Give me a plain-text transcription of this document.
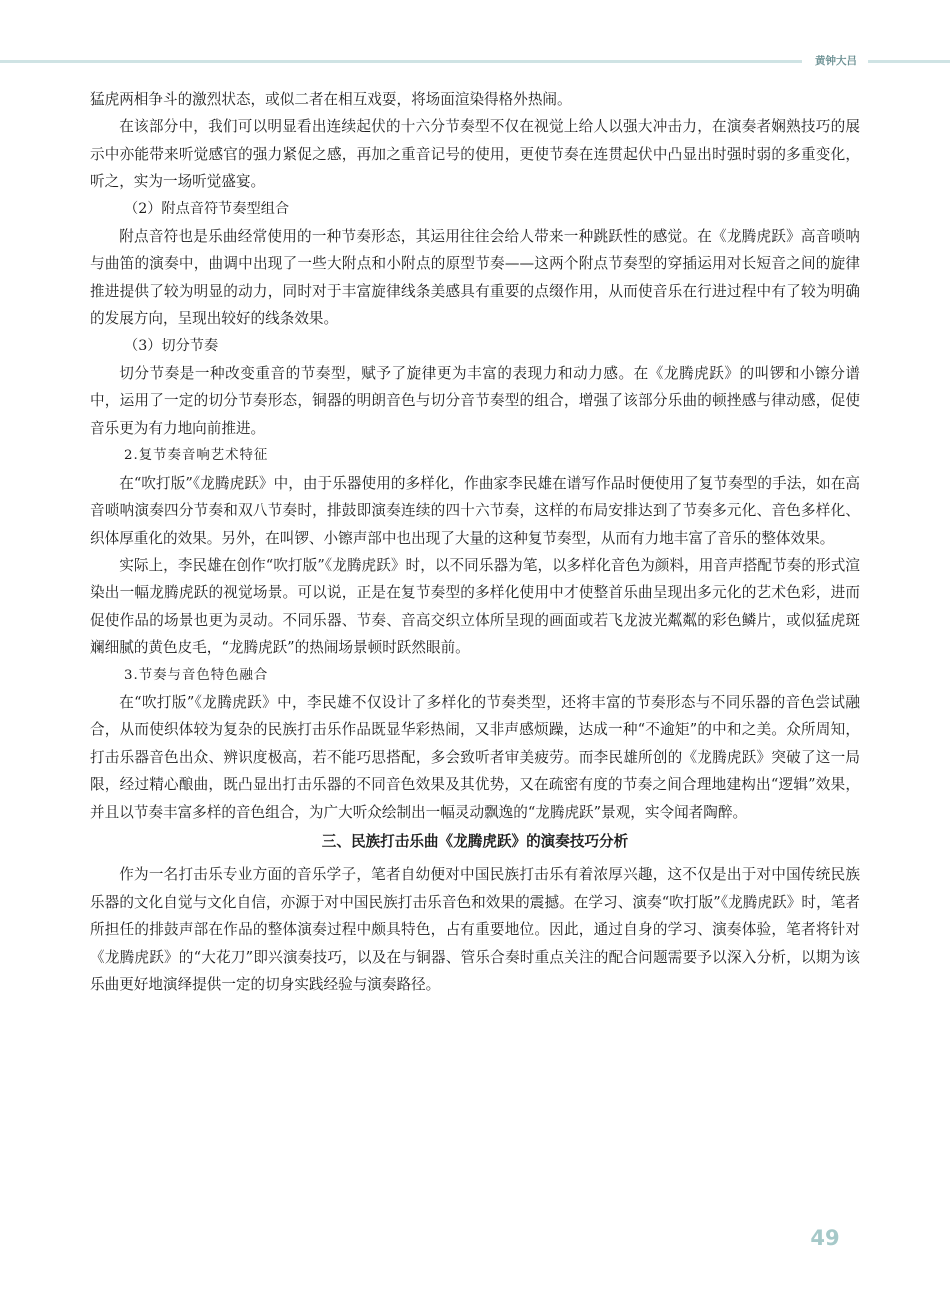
黄钟大吕

猛虎两相争斗的激烈状态，或似二者在相互戏耍，将场面渲染得格外热闹。

在该部分中，我们可以明显看出连续起伏的十六分节奏型不仅在视觉上给人以强大冲击力，在演奏者娴熟技巧的展示中亦能带来听觉感官的强力紧促之感，再加之重音记号的使用，更使节奏在连贯起伏中凸显出时强时弱的多重变化，听之，实为一场听觉盛宴。

（2）附点音符节奏型组合

附点音符也是乐曲经常使用的一种节奏形态，其运用往往会给人带来一种跳跃性的感觉。在《龙腾虎跃》高音唢呐与曲笛的演奏中，曲调中出现了一些大附点和小附点的原型节奏——这两个附点节奏型的穿插运用对长短音之间的旋律推进提供了较为明显的动力，同时对于丰富旋律线条美感具有重要的点缀作用，从而使音乐在行进过程中有了较为明确的发展方向，呈现出较好的线条效果。

（3）切分节奏

切分节奏是一种改变重音的节奏型，赋予了旋律更为丰富的表现力和动力感。在《龙腾虎跃》的叫锣和小镲分谱中，运用了一定的切分节奏形态，铜器的明朗音色与切分音节奏型的组合，增强了该部分乐曲的顿挫感与律动感，促使音乐更为有力地向前推进。

2.复节奏音响艺术特征

在“吹打版”《龙腾虎跃》中，由于乐器使用的多样化，作曲家李民雄在谱写作品时便使用了复节奏型的手法，如在高音唢呐演奏四分节奏和双八节奏时，排鼓即演奏连续的四十六节奏，这样的布局安排达到了节奏多元化、音色多样化、织体厚重化的效果。另外，在叫锣、小镲声部中也出现了大量的这种复节奏型，从而有力地丰富了音乐的整体效果。

实际上，李民雄在创作“吹打版”《龙腾虎跃》时，以不同乐器为笔，以多样化音色为颜料，用音声搭配节奏的形式渲染出一幅龙腾虎跃的视觉场景。可以说，正是在复节奏型的多样化使用中才使整首乐曲呈现出多元化的艺术色彩，进而促使作品的场景也更为灵动。不同乐器、节奏、音高交织立体所呈现的画面或若飞龙波光粼粼的彩色鳞片，或似猛虎斑斓细腻的黄色皮毛，“龙腾虎跃”的热闹场景顿时跃然眼前。

3.节奏与音色特色融合

在“吹打版”《龙腾虎跃》中，李民雄不仅设计了多样化的节奏类型，还将丰富的节奏形态与不同乐器的音色尝试融合，从而使织体较为复杂的民族打击乐作品既显华彩热闹，又非声感烦躁，达成一种“不逾矩”的中和之美。众所周知，打击乐器音色出众、辨识度极高，若不能巧思搭配，多会致听者审美疲劳。而李民雄所创的《龙腾虎跃》突破了这一局限，经过精心酿曲，既凸显出打击乐器的不同音色效果及其优势，又在疏密有度的节奏之间合理地建构出“逻辑”效果，并且以节奏丰富多样的音色组合，为广大听众绘制出一幅灵动飘逸的“龙腾虎跃”景观，实令闻者陶醉。

三、民族打击乐曲《龙腾虎跃》的演奏技巧分析

作为一名打击乐专业方面的音乐学子，笔者自幼便对中国民族打击乐有着浓厚兴趣，这不仅是出于对中国传统民族乐器的文化自觉与文化自信，亦源于对中国民族打击乐音色和效果的震撼。在学习、演奏“吹打版”《龙腾虎跃》时，笔者所担任的排鼓声部在作品的整体演奏过程中颇具特色，占有重要地位。因此，通过自身的学习、演奏体验，笔者将针对《龙腾虎跃》的“大花刀”即兴演奏技巧，以及在与铜器、管乐合奏时重点关注的配合问题需要予以深入分析，以期为该乐曲更好地演绎提供一定的切身实践经验与演奏路径。

49
